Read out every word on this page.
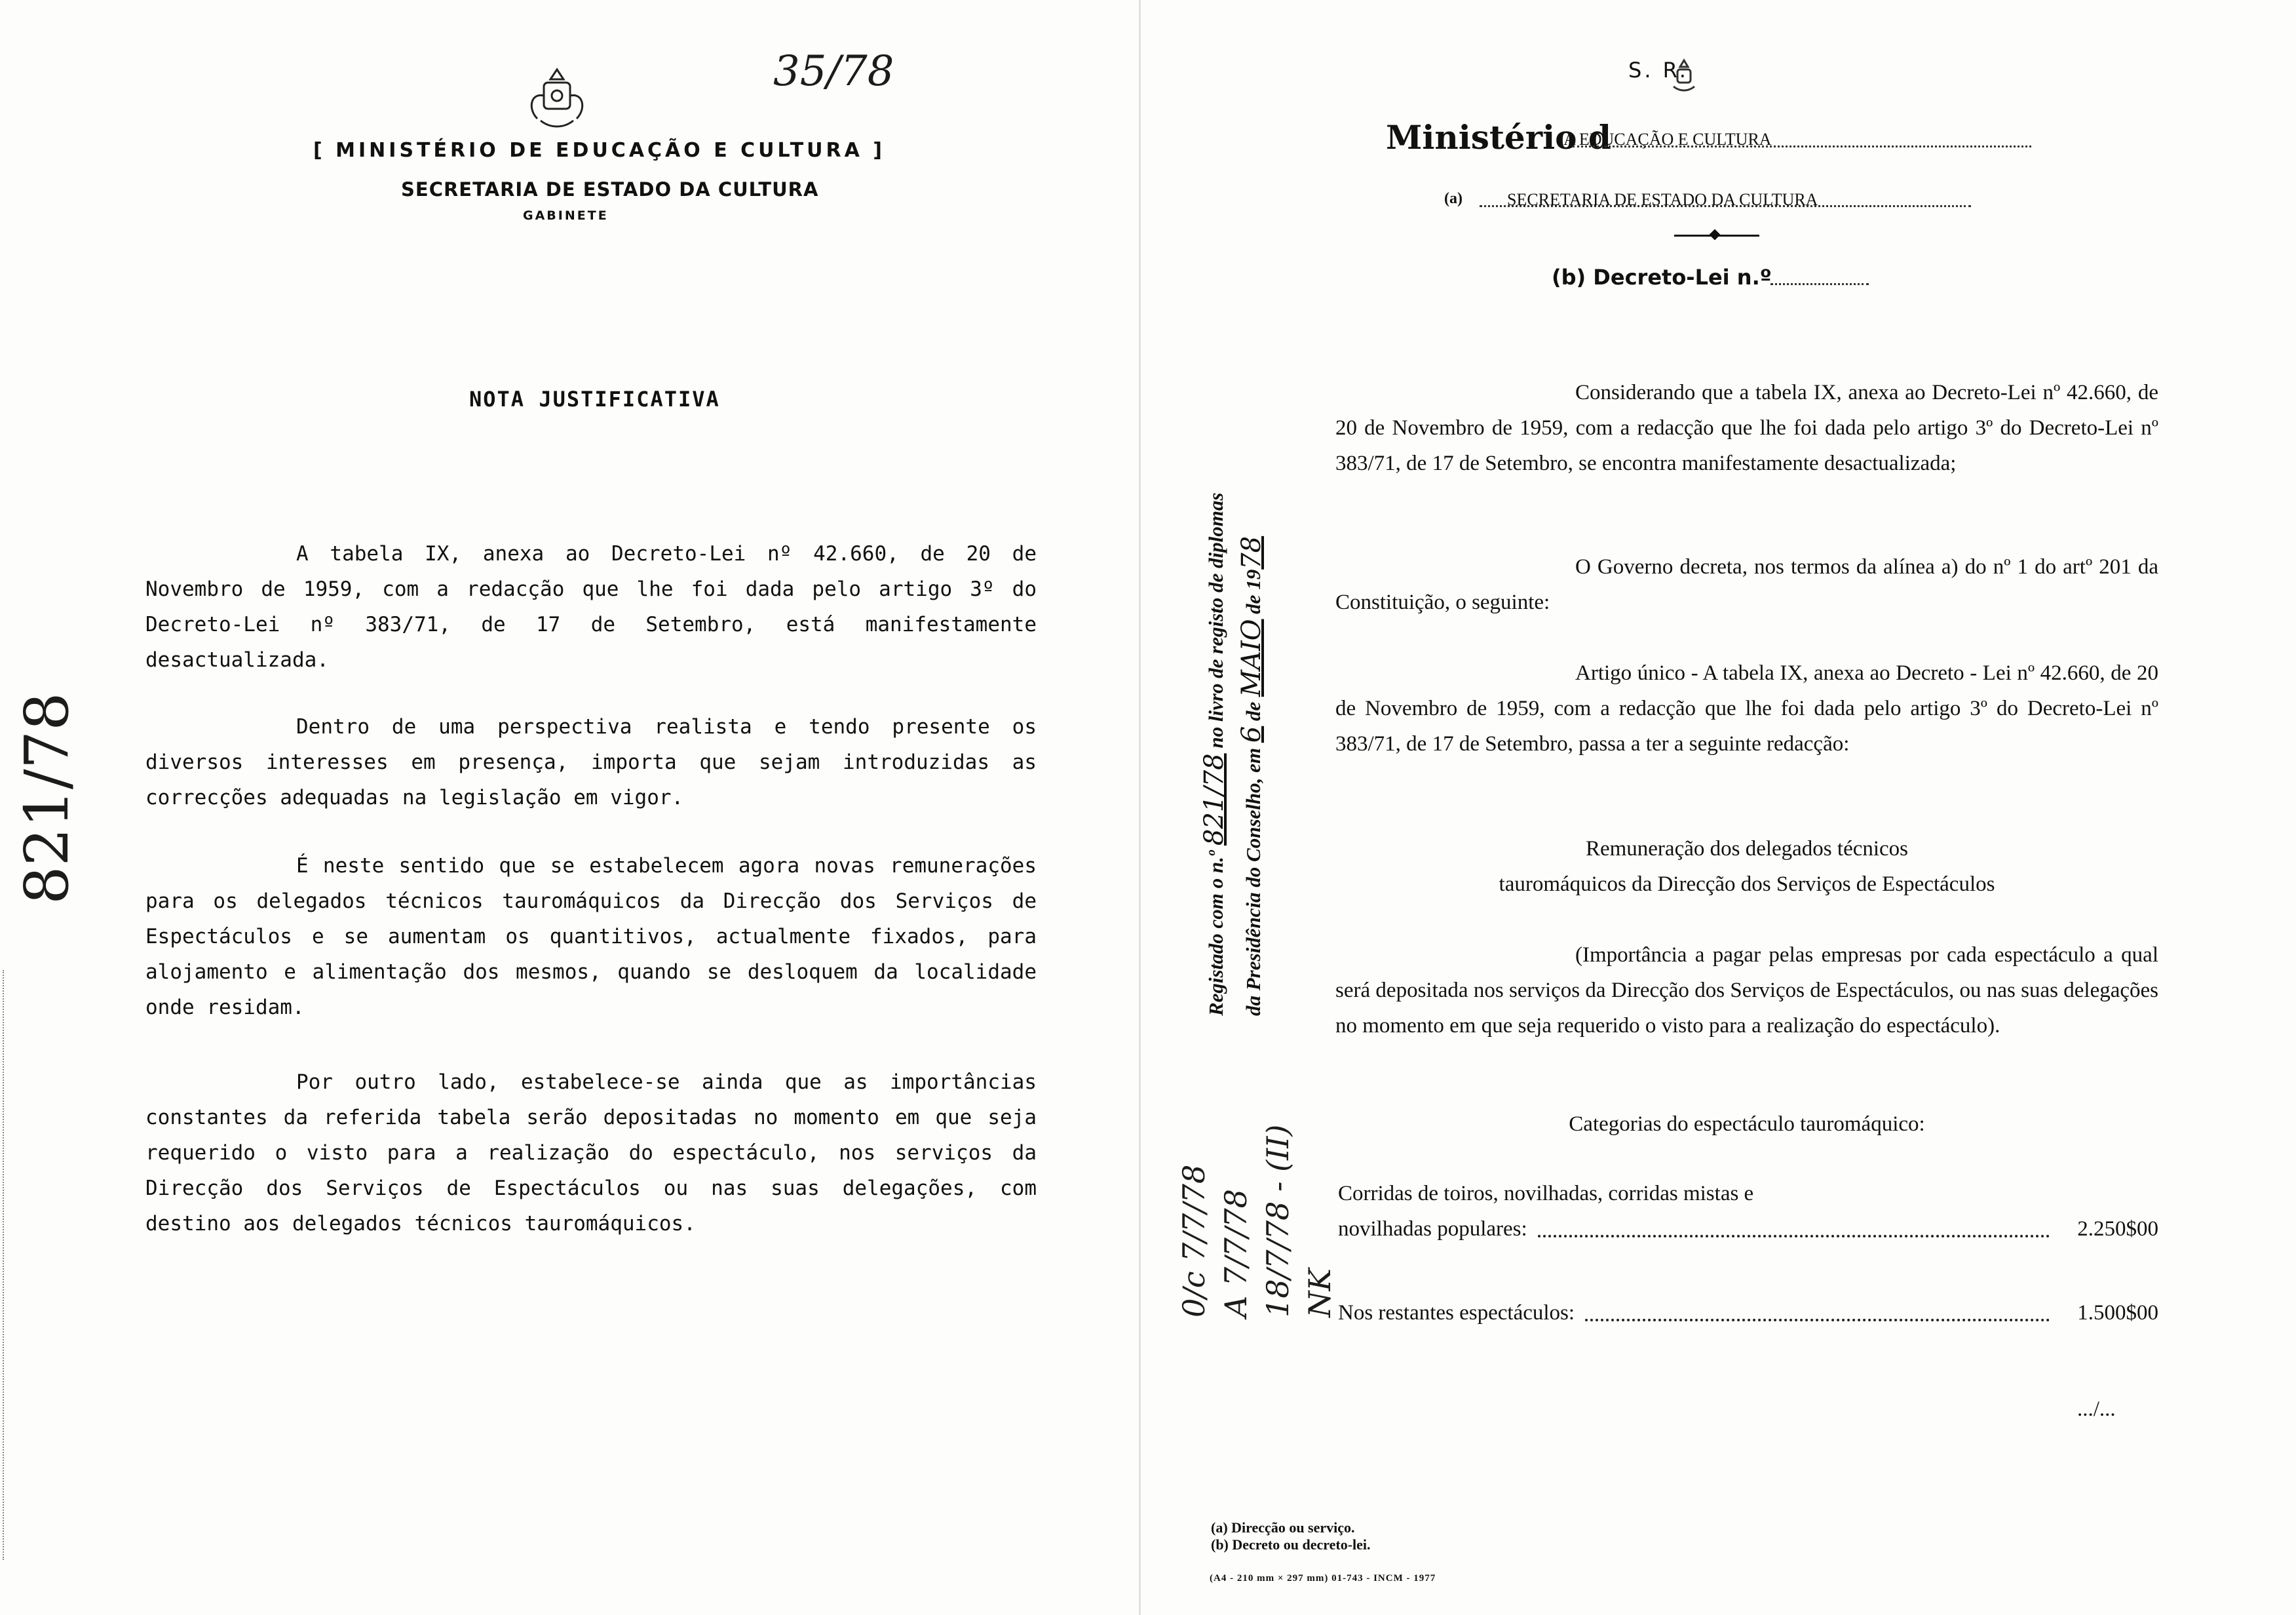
[ MINISTÉRIO DE EDUCAÇÃO E CULTURA ]
SECRETARIA DE ESTADO DA CULTURA
GABINETE
35/78
821/78
NOTA JUSTIFICATIVA

A tabela IX, anexa ao Decreto-Lei nº 42.660, de 20 de Novembro de 1959, com a redacção que lhe foi dada pelo artigo 3º do Decreto-Lei nº 383/71, de 17 de Setembro, está manifestamente desactualizada.

Dentro de uma perspectiva realista e tendo presente os diversos interesses em presença, importa que sejam introduzidas as correcções adequadas na legislação em vigor.

É neste sentido que se estabelecem agora novas remunerações para os delegados técnicos tauromáquicos da Direcção dos Serviços de Espectáculos e se aumentam os quantitivos, actualmente fixados, para alojamento e alimentação dos mesmos, quando se desloquem da localidade onde residam.

Por outro lado, estabelece-se ainda que as importâncias constantes da referida tabela serão depositadas no momento em que seja requerido o visto para a realização do espectáculo, nos serviços da Direcção dos Serviços de Espectáculos ou nas suas delegações, com destino aos delegados técnicos tauromáquicos.

S. R.
Ministério d
A EDUCAÇÃO E CULTURA
(a)	SECRETARIA DE ESTADO DA CULTURA
(b) Decreto-Lei n.º

Considerando que a tabela IX, anexa ao Decreto-Lei nº 42.660, de 20 de Novembro de 1959, com a redacção que lhe foi dada pelo artigo 3º do Decreto-Lei nº 383/71, de 17 de Setembro, se encontra manifestamente desactualizada;

O Governo decreta, nos termos da alínea a) do nº 1 do artº 201 da Constituição, o seguinte:

Artigo único - A tabela IX, anexa ao Decreto - Lei nº 42.660, de 20 de Novembro de 1959, com a redacção que lhe foi dada pelo artigo 3º do Decreto-Lei nº 383/71, de 17 de Setembro, passa a ter a seguinte redacção:

Remuneração dos delegados técnicos

tauromáquicos da Direcção dos Serviços de Espectáculos

(Importância a pagar pelas empresas por cada espectáculo a qual será depositada nos serviços da Direcção dos Serviços de Espectáculos, ou nas suas delegações no momento em que seja requerido o visto para a realização do espectáculo).

Categorias do espectáculo tauromáquico:

Corridas de toiros, novilhadas, corridas mistas e
novilhadas populares:	2.250$00
Nos restantes espectáculos:	1.500$00
.../...
Registado com o n.º 821/78 no livro de registo de diplomas
da Presidência do Conselho, em 6 de MAIO de 1978
0/c 7/7/78 A 7/7/78 18/7/78 - (II) NK
(a) Direcção ou serviço.
(b) Decreto ou decreto-lei.
(A4 - 210 mm × 297 mm) 01-743 - INCM - 1977
